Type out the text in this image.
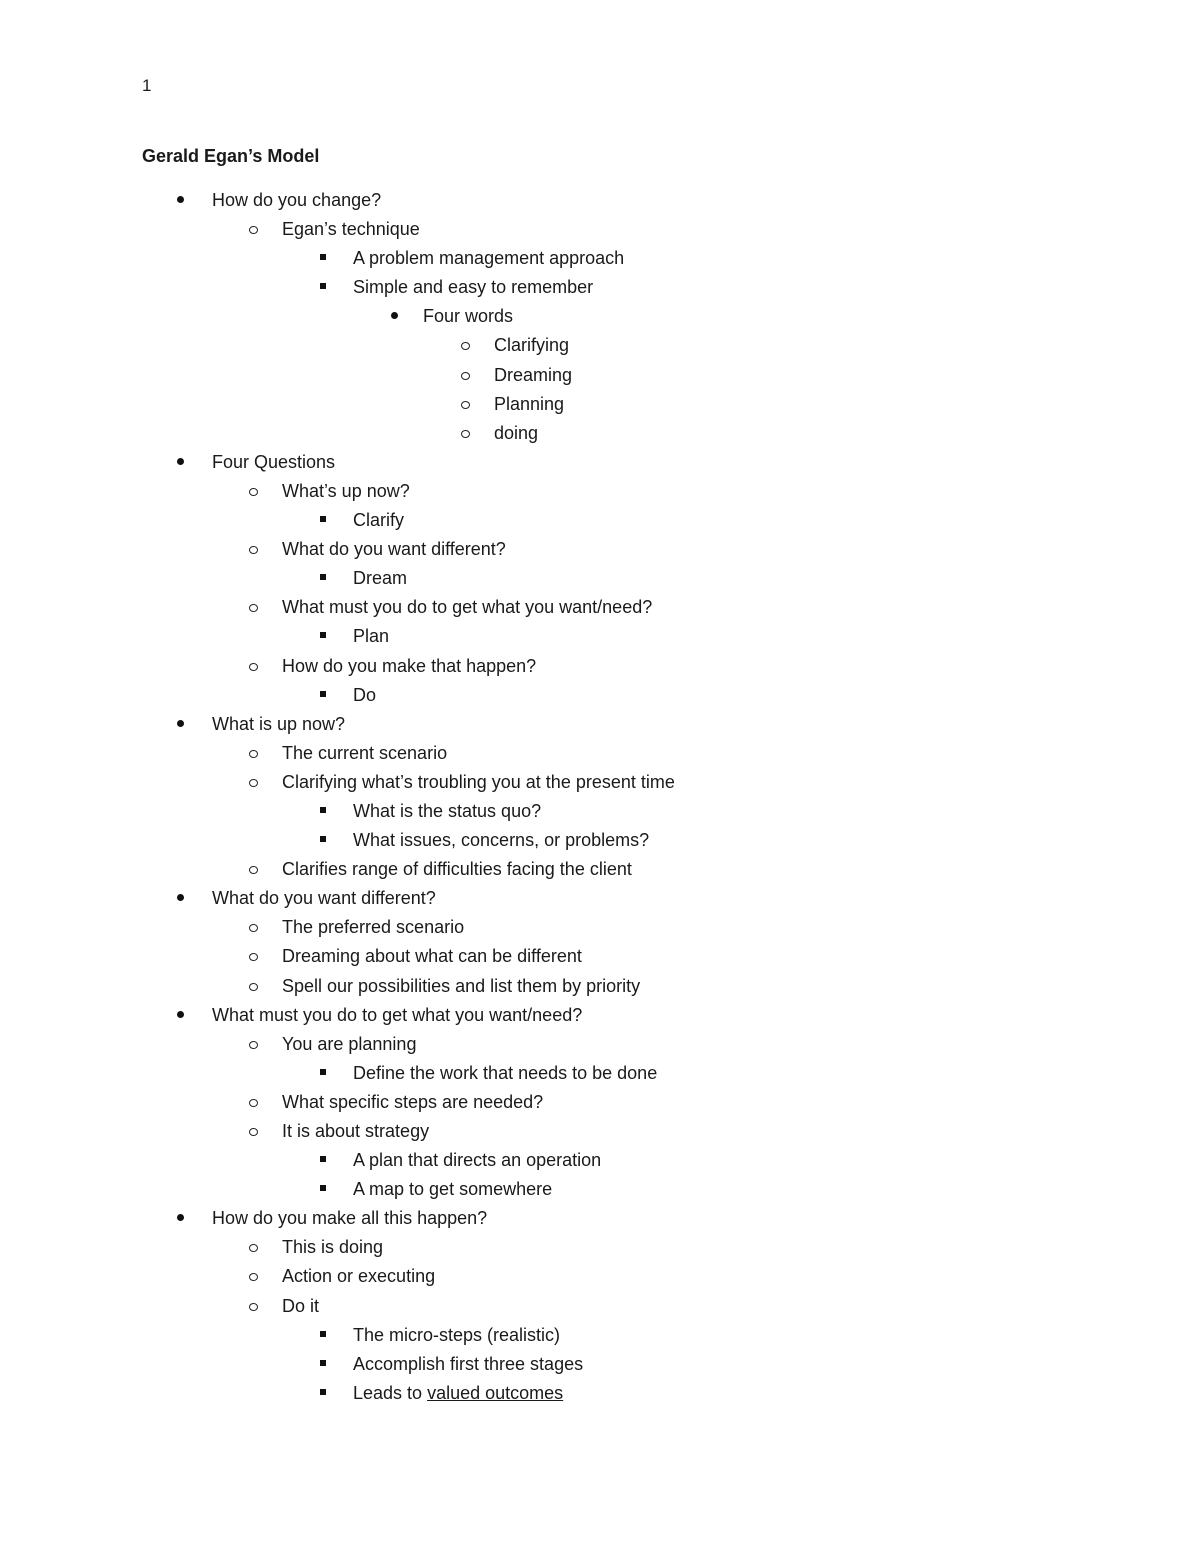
1
Gerald Egan’s Model
How do you change?
Egan’s technique
A problem management approach
Simple and easy to remember
Four words
Clarifying
Dreaming
Planning
doing
Four Questions
What’s up now?
Clarify
What do you want different?
Dream
What must you do to get what you want/need?
Plan
How do you make that happen?
Do
What is up now?
The current scenario
Clarifying what’s troubling you at the present time
What is the status quo?
What issues, concerns, or problems?
Clarifies range of difficulties facing the client
What do you want different?
The preferred scenario
Dreaming about what can be different
Spell our possibilities and list them by priority
What must you do to get what you want/need?
You are planning
Define the work that needs to be done
What specific steps are needed?
It is about strategy
A plan that directs an operation
A map to get somewhere
How do you make all this happen?
This is doing
Action or executing
Do it
The micro-steps (realistic)
Accomplish first three stages
Leads to valued outcomes
